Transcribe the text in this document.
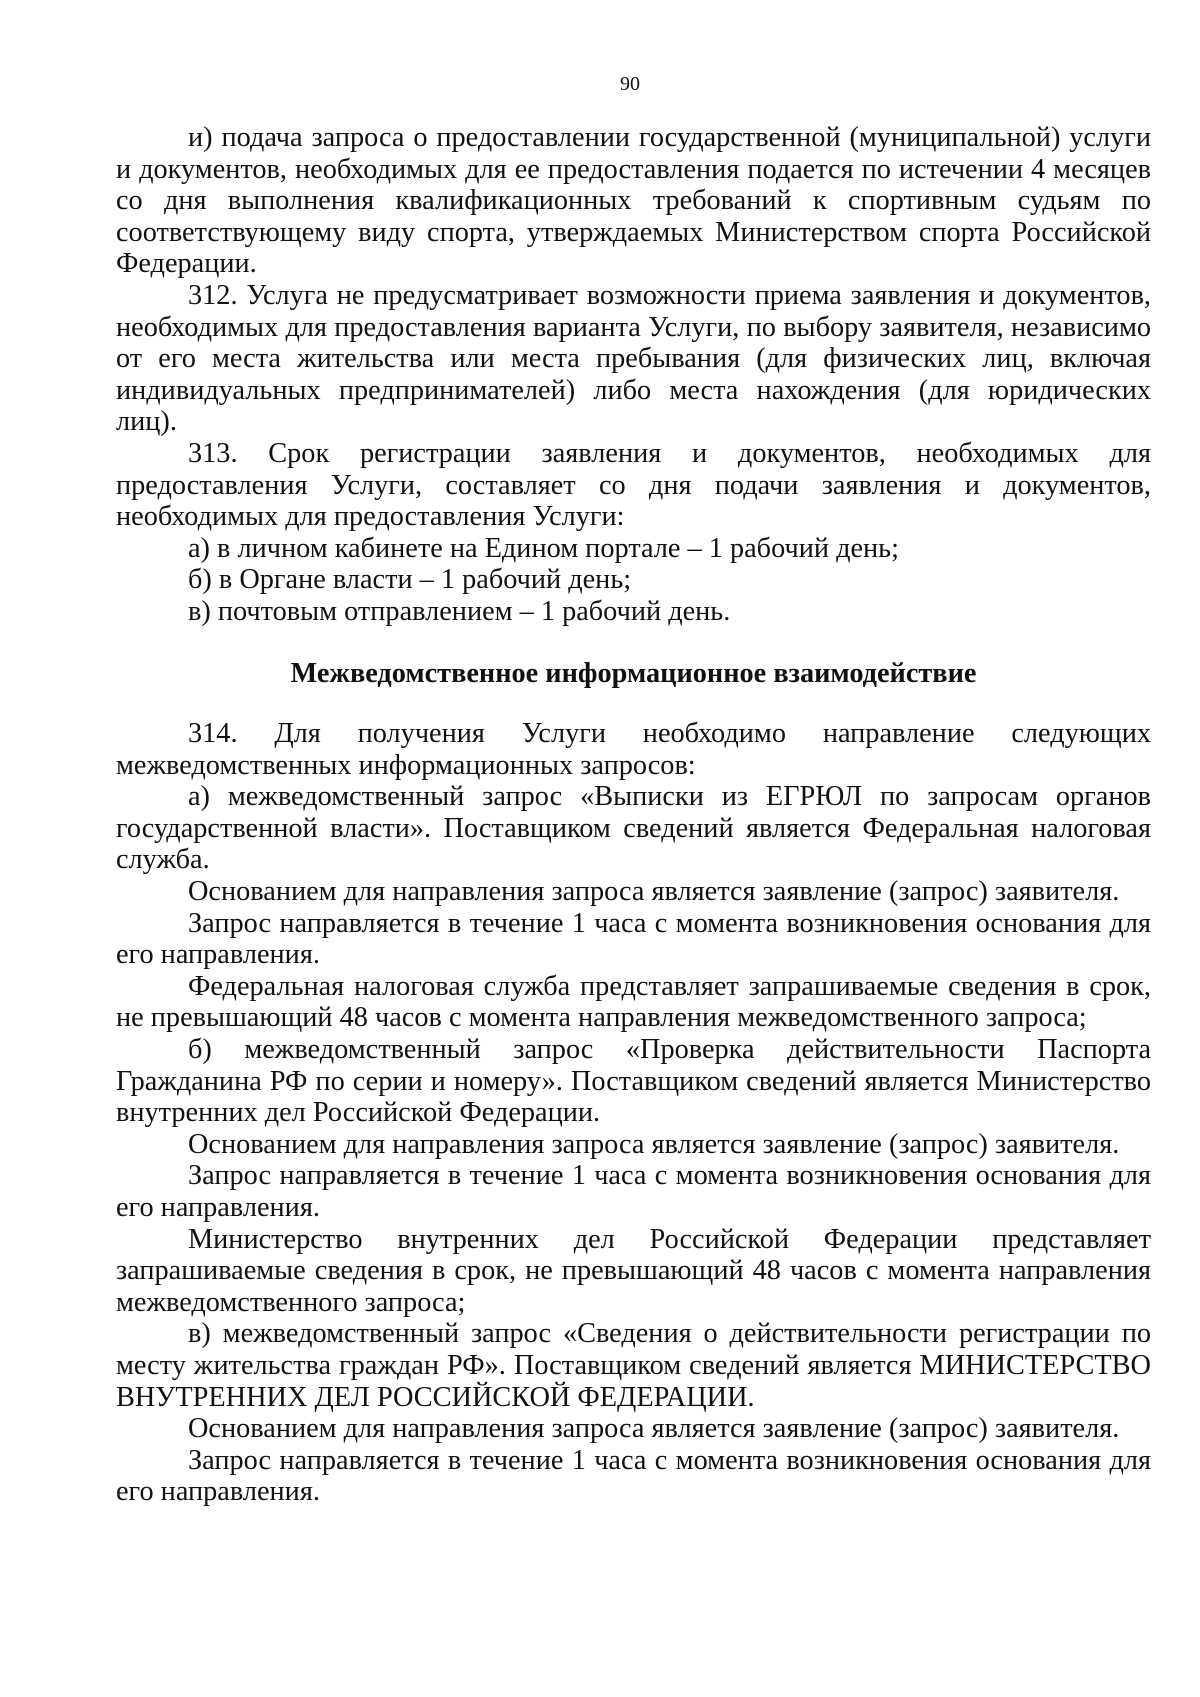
90

и) подача запроса о предоставлении государственной (муниципальной) услуги и документов, необходимых для ее предоставления подается по истечении 4 месяцев со дня выполнения квалификационных требований к спортивным судьям по соответствующему виду спорта, утверждаемых Министерством спорта Российской Федерации.

312. Услуга не предусматривает возможности приема заявления и документов, необходимых для предоставления варианта Услуги, по выбору заявителя, независимо от его места жительства или места пребывания (для физических лиц, включая индивидуальных предпринимателей) либо места нахождения (для юридических лиц).

313. Срок регистрации заявления и документов, необходимых для предоставления Услуги, составляет со дня подачи заявления и документов, необходимых для предоставления Услуги:

а) в личном кабинете на Едином портале – 1 рабочий день;

б) в Органе власти – 1 рабочий день;

в) почтовым отправлением – 1 рабочий день.

Межведомственное информационное взаимодействие

314. Для получения Услуги необходимо направление следующих межведомственных информационных запросов:

а) межведомственный запрос «Выписки из ЕГРЮЛ по запросам органов государственной власти». Поставщиком сведений является Федеральная налоговая служба.

Основанием для направления запроса является заявление (запрос) заявителя.

Запрос направляется в течение 1 часа с момента возникновения основания для его направления.

Федеральная налоговая служба представляет запрашиваемые сведения в срок, не превышающий 48 часов с момента направления межведомственного запроса;

б) межведомственный запрос «Проверка действительности Паспорта Гражданина РФ по серии и номеру». Поставщиком сведений является Министерство внутренних дел Российской Федерации.

Основанием для направления запроса является заявление (запрос) заявителя.

Запрос направляется в течение 1 часа с момента возникновения основания для его направления.

Министерство внутренних дел Российской Федерации представляет запрашиваемые сведения в срок, не превышающий 48 часов с момента направления межведомственного запроса;

в) межведомственный запрос «Сведения о действительности регистрации по месту жительства граждан РФ». Поставщиком сведений является МИНИСТЕРСТВО ВНУТРЕННИХ ДЕЛ РОССИЙСКОЙ ФЕДЕРАЦИИ.

Основанием для направления запроса является заявление (запрос) заявителя.

Запрос направляется в течение 1 часа с момента возникновения основания для его направления.
